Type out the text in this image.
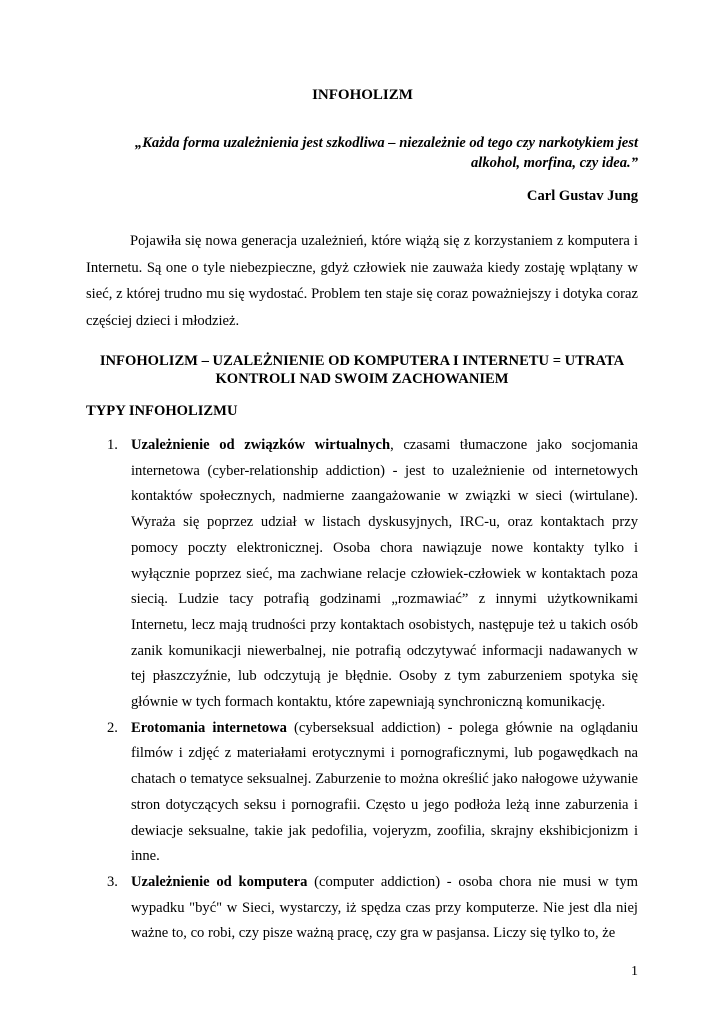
INFOHOLIZM
„Każda forma uzależnienia jest szkodliwa – niezależnie od tego czy narkotykiem jest alkohol, morfina, czy idea.”
Carl Gustav Jung

Pojawiła się nowa generacja uzależnień, które wiążą się z korzystaniem z komputera i Internetu. Są one o tyle niebezpieczne, gdyż człowiek nie zauważa kiedy zostaję wplątany w sieć, z której trudno mu się wydostać. Problem ten staje się coraz poważniejszy i dotyka coraz częściej dzieci i młodzież.

INFOHOLIZM – UZALEŻNIENIE OD KOMPUTERA I INTERNETU = UTRATA KONTROLI NAD SWOIM ZACHOWANIEM
TYPY INFOHOLIZMU
1. Uzależnienie od związków wirtualnych, czasami tłumaczone jako socjomania internetowa (cyber-relationship addiction) - jest to uzależnienie od internetowych kontaktów społecznych, nadmierne zaangażowanie w związki w sieci (wirtulane). Wyraża się poprzez udział w listach dyskusyjnych, IRC-u, oraz kontaktach przy pomocy poczty elektronicznej. Osoba chora nawiązuje nowe kontakty tylko i wyłącznie poprzez sieć, ma zachwiane relacje człowiek-człowiek w kontaktach poza siecią. Ludzie tacy potrafią godzinami „rozmawiać” z innymi użytkownikami Internetu, lecz mają trudności przy kontaktach osobistych, następuje też u takich osób zanik komunikacji niewerbalnej, nie potrafią odczytywać informacji nadawanych w tej płaszczyźnie, lub odczytują je błędnie. Osoby z tym zaburzeniem spotyka się głównie w tych formach kontaktu, które zapewniają synchroniczną komunikację.
2. Erotomania internetowa (cyberseksual addiction) - polega głównie na oglądaniu filmów i zdjęć z materiałami erotycznymi i pornograficznymi, lub pogawędkach na chatach o tematyce seksualnej. Zaburzenie to można określić jako nałogowe używanie stron dotyczących seksu i pornografii. Często u jego podłoża leżą inne zaburzenia i dewiacje seksualne, takie jak pedofilia, vojeryzm, zoofilia, skrajny ekshibicjonizm i inne.
3. Uzależnienie od komputera (computer addiction) - osoba chora nie musi w tym wypadku "być" w Sieci, wystarczy, iż spędza czas przy komputerze. Nie jest dla niej ważne to, co robi, czy pisze ważną pracę, czy gra w pasjansa. Liczy się tylko to, że
1
